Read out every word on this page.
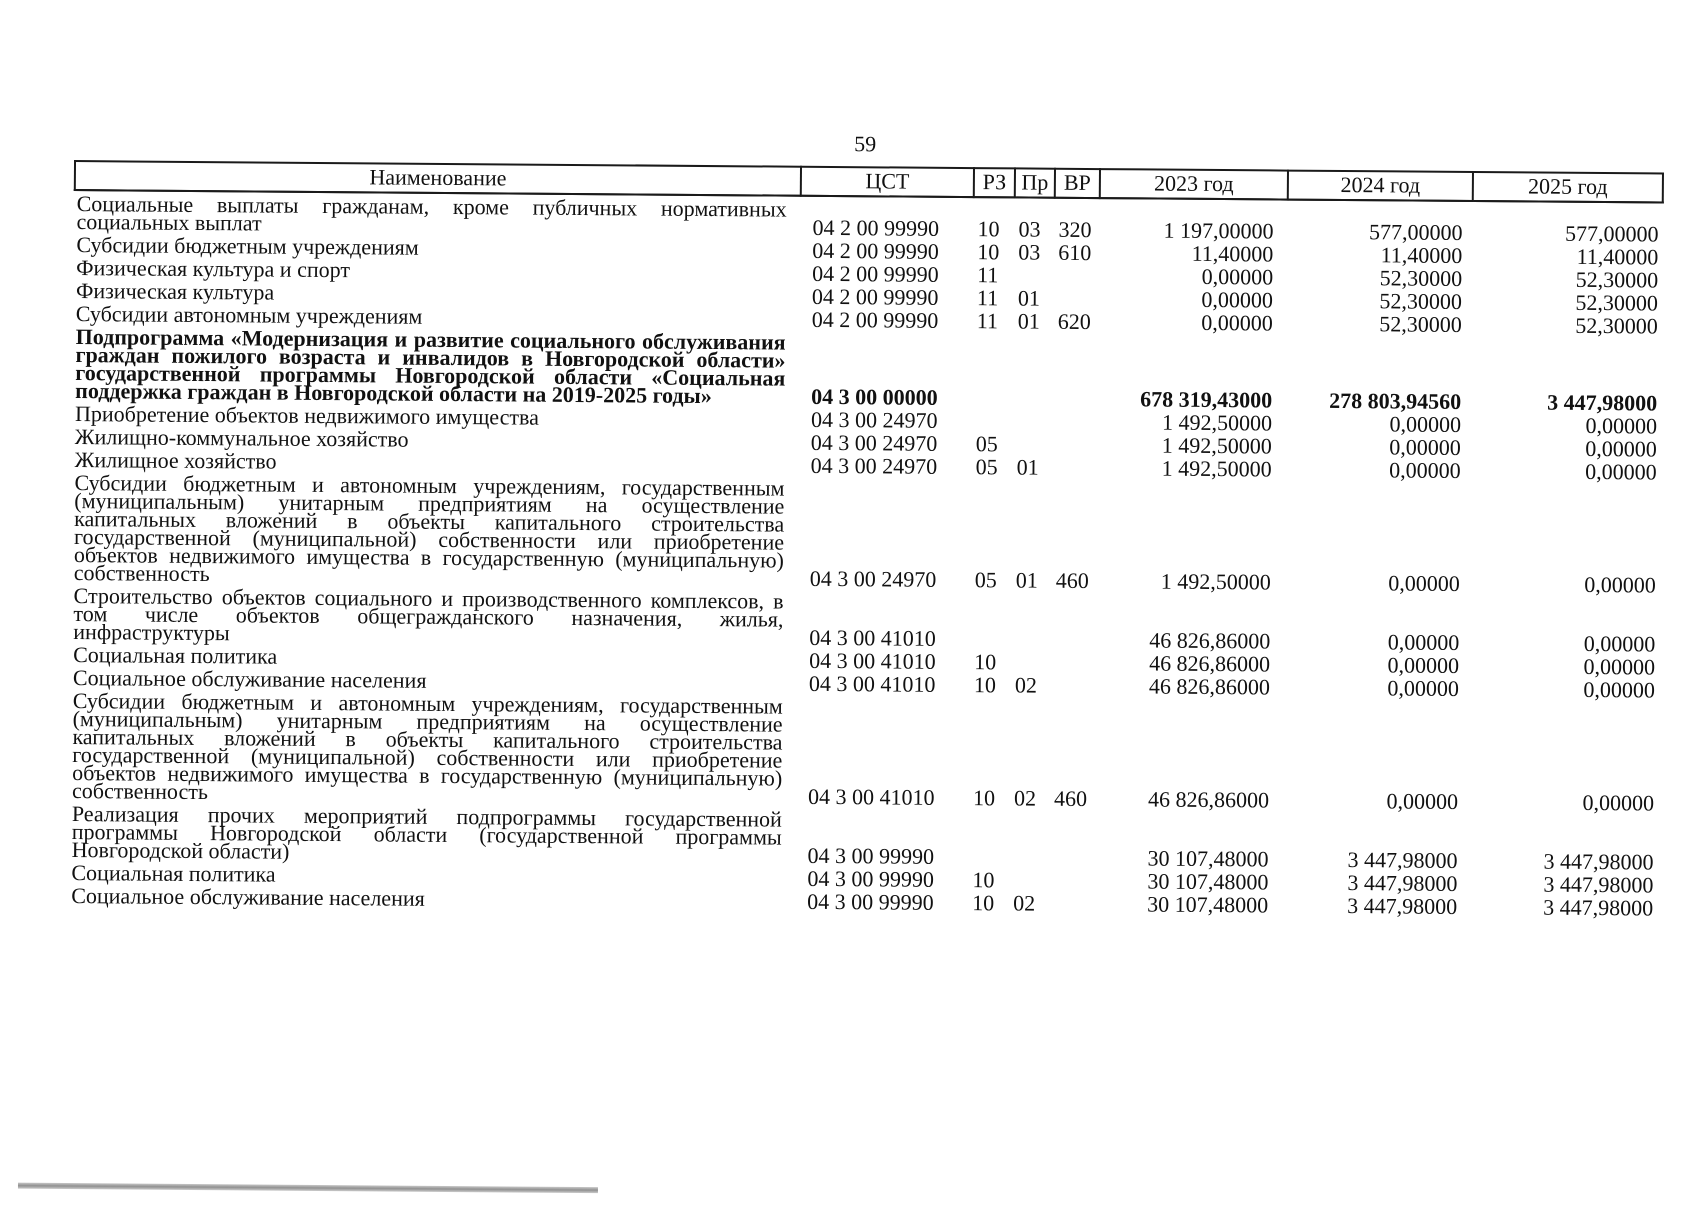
59
Наименование	ЦСТ	РЗ	Пр	ВР	2023 год	2024 год	2025 год
Социальные выплаты гражданам, кроме публичных нормативных социальных выплат	04 2 00 99990	10	03	320	1 197,00000	577,00000	577,00000
Субсидии бюджетным учреждениям	04 2 00 99990	10	03	610	11,40000	11,40000	11,40000
Физическая культура и спорт	04 2 00 99990	11			0,00000	52,30000	52,30000
Физическая культура	04 2 00 99990	11	01		0,00000	52,30000	52,30000
Субсидии автономным учреждениям	04 2 00 99990	11	01	620	0,00000	52,30000	52,30000
Подпрограмма «Модернизация и развитие социального обслуживания граждан пожилого возраста и инвалидов в Новгородской области» государственной программы Новгородской области «Социальная поддержка граждан в Новгородской области на 2019-2025 годы»	04 3 00 00000				678 319,43000	278 803,94560	3 447,98000
Приобретение объектов недвижимого имущества	04 3 00 24970				1 492,50000	0,00000	0,00000
Жилищно-коммунальное хозяйство	04 3 00 24970	05			1 492,50000	0,00000	0,00000
Жилищное хозяйство	04 3 00 24970	05	01		1 492,50000	0,00000	0,00000
Субсидии бюджетным и автономным учреждениям, государственным (муниципальным) унитарным предприятиям на осуществление капитальных вложений в объекты капитального строительства государственной (муниципальной) собственности или приобретение объектов недвижимого имущества в государственную (муниципальную) собственность	04 3 00 24970	05	01	460	1 492,50000	0,00000	0,00000
Строительство объектов социального и производственного комплексов, в том числе объектов общегражданского назначения, жилья, инфраструктуры	04 3 00 41010				46 826,86000	0,00000	0,00000
Социальная политика	04 3 00 41010	10			46 826,86000	0,00000	0,00000
Социальное обслуживание населения	04 3 00 41010	10	02		46 826,86000	0,00000	0,00000
Субсидии бюджетным и автономным учреждениям, государственным (муниципальным) унитарным предприятиям на осуществление капитальных вложений в объекты капитального строительства государственной (муниципальной) собственности или приобретение объектов недвижимого имущества в государственную (муниципальную) собственность	04 3 00 41010	10	02	460	46 826,86000	0,00000	0,00000
Реализация прочих мероприятий подпрограммы государственной программы Новгородской области (государственной программы Новгородской области)	04 3 00 99990				30 107,48000	3 447,98000	3 447,98000
Социальная политика	04 3 00 99990	10			30 107,48000	3 447,98000	3 447,98000
Социальное обслуживание населения	04 3 00 99990	10	02		30 107,48000	3 447,98000	3 447,98000
